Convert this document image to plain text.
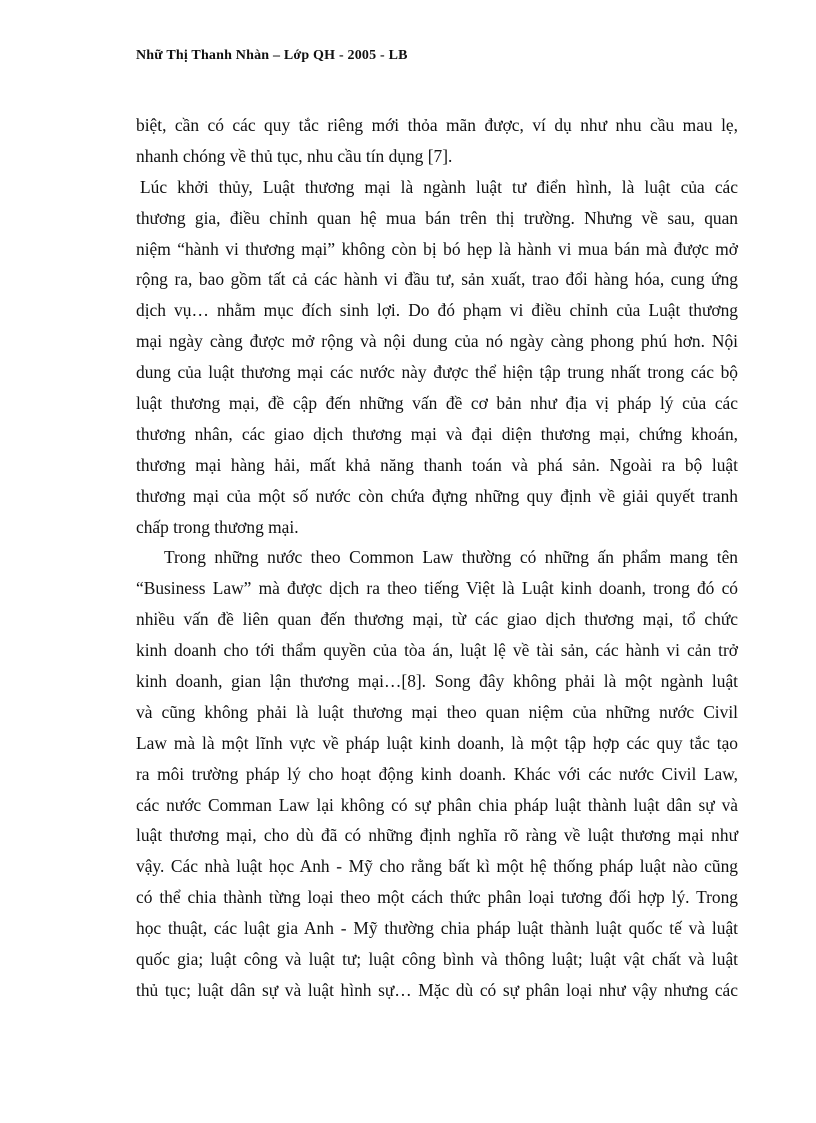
Nhữ Thị Thanh Nhàn – Lớp QH - 2005 - LB
biệt, cần có các quy tắc riêng mới thỏa mãn được, ví dụ như nhu cầu mau lẹ,
nhanh chóng về thủ tục, nhu cầu tín dụng [7].
Lúc khởi thủy, Luật thương mại là ngành luật tư điển hình, là luật của các
thương gia, điều chỉnh quan hệ mua bán trên thị trường. Nhưng về sau, quan
niệm “hành vi thương mại” không còn bị bó hẹp là hành vi mua bán mà được mở
rộng ra, bao gồm tất cả các hành vi đầu tư, sản xuất, trao đổi hàng hóa, cung ứng
dịch vụ… nhằm mục đích sinh lợi. Do đó phạm vi điều chỉnh của Luật thương
mại ngày càng được mở rộng và nội dung của nó ngày càng phong phú hơn. Nội
dung của luật thương mại các nước này được thể hiện tập trung nhất trong các bộ
luật thương mại, đề cập đến những vấn đề cơ bản như địa vị pháp lý của các
thương nhân, các giao dịch thương mại và đại diện thương mại, chứng khoán,
thương mại hàng hải, mất khả năng thanh toán và phá sản. Ngoài ra bộ luật
thương mại của một số nước còn chứa đựng những quy định về giải quyết tranh
chấp trong thương mại.
Trong những nước theo Common Law thường có những ấn phẩm mang tên
“Business Law” mà được dịch ra theo tiếng Việt là Luật kinh doanh, trong đó có
nhiều vấn đề liên quan đến thương mại, từ các giao dịch thương mại, tổ chức
kinh doanh cho tới thẩm quyền của tòa án, luật lệ về tài sản, các hành vi cản trở
kinh doanh, gian lận thương mại…[8]. Song đây không phải là một ngành luật
và cũng không phải là luật thương mại theo quan niệm của những nước Civil
Law mà là một lĩnh vực về pháp luật kinh doanh, là một tập hợp các quy tắc tạo
ra môi trường pháp lý cho hoạt động kinh doanh. Khác với các nước Civil Law,
các nước Comman Law lại không có sự phân chia pháp luật thành luật dân sự và
luật thương mại, cho dù đã có những định nghĩa rõ ràng về luật thương mại như
vậy. Các nhà luật học Anh - Mỹ cho rằng bất kì một hệ thống pháp luật nào cũng
có thể chia thành từng loại theo một cách thức phân loại tương đối hợp lý. Trong
học thuật, các luật gia Anh - Mỹ thường chia pháp luật thành luật quốc tế và luật
quốc gia; luật công và luật tư; luật công bình và thông luật; luật vật chất và luật
thủ tục; luật dân sự và luật hình sự… Mặc dù có sự phân loại như vậy nhưng các
